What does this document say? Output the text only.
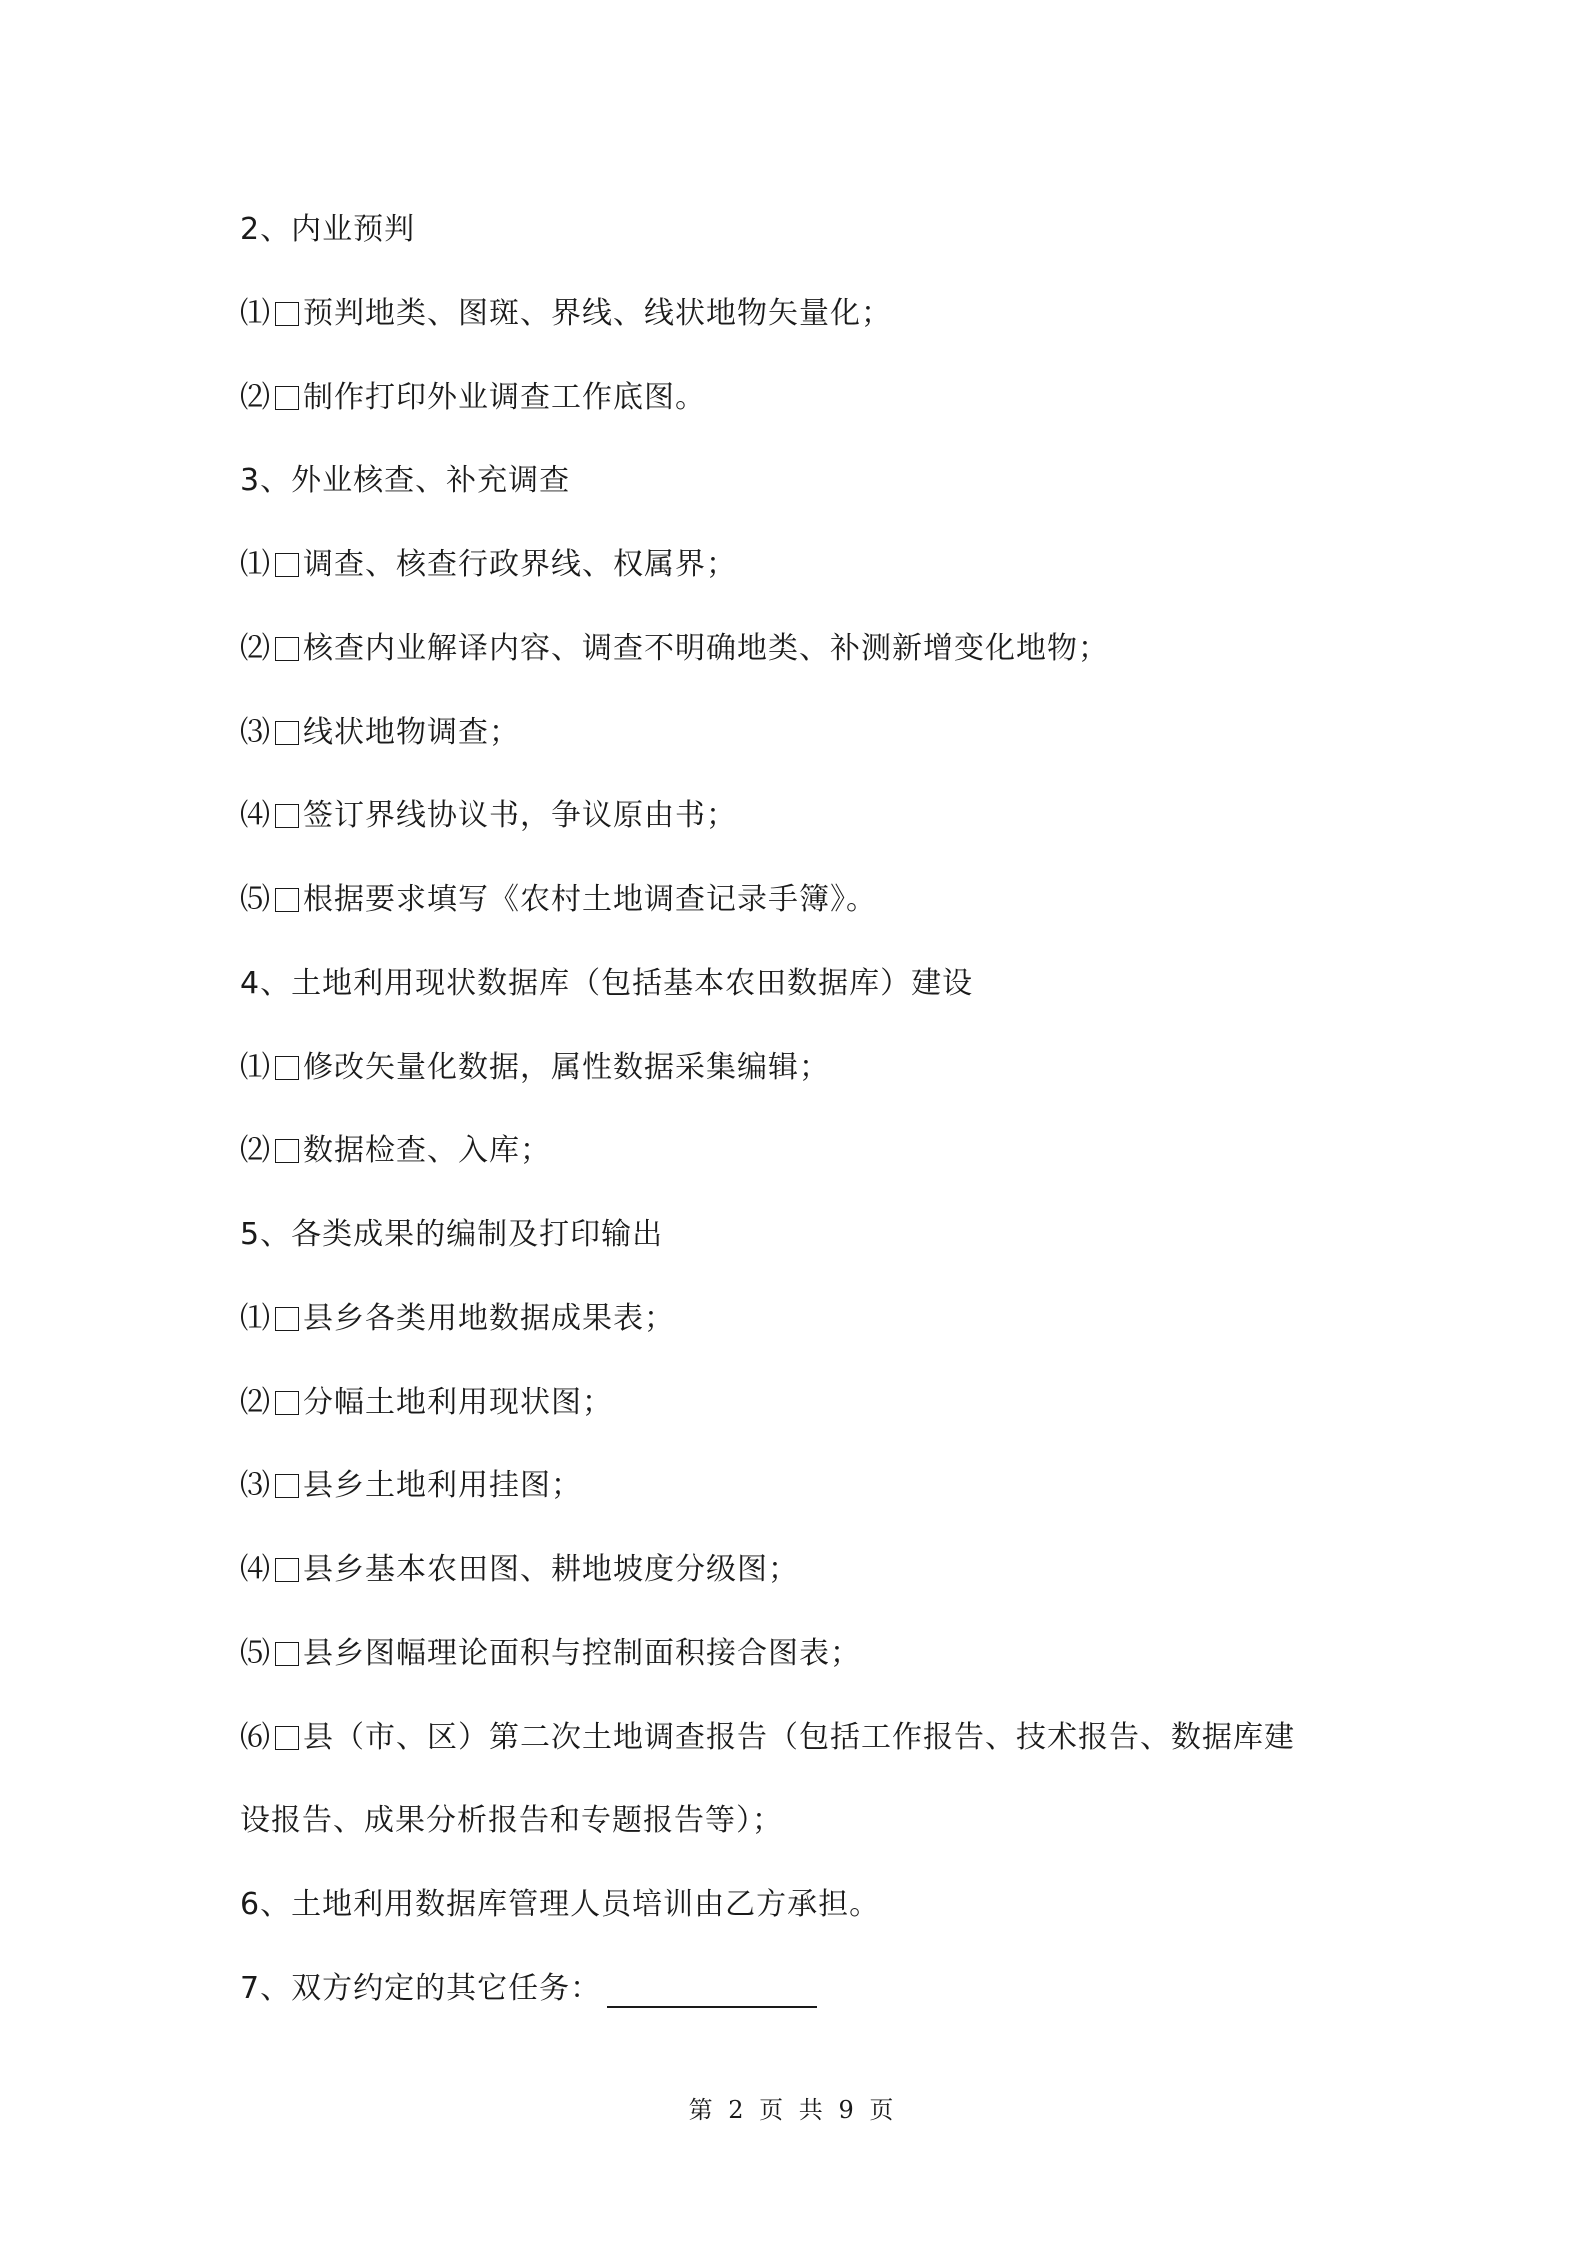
2、内业预判
⑴ 预判地类、图斑、界线、线状地物矢量化；
⑵ 制作打印外业调查工作底图。
3、外业核查、补充调查
⑴ 调查、核查行政界线、权属界；
⑵ 核查内业解译内容、调查不明确地类、补测新增变化地物；
⑶ 线状地物调查；
⑷ 签订界线协议书，争议原由书；
⑸ 根据要求填写《农村土地调查记录手簿》。
4、土地利用现状数据库（包括基本农田数据库）建设
⑴ 修改矢量化数据，属性数据采集编辑；
⑵ 数据检查、入库；
5、各类成果的编制及打印输出
⑴ 县乡各类用地数据成果表；
⑵ 分幅土地利用现状图；
⑶ 县乡土地利用挂图；
⑷ 县乡基本农田图、耕地坡度分级图；
⑸ 县乡图幅理论面积与控制面积接合图表；
⑹ 县（市、区）第二次土地调查报告（包括工作报告、技术报告、数据库建
设报告、成果分析报告和专题报告等）；
6、土地利用数据库管理人员培训由乙方承担。
7、双方约定的其它任务：
第 2 页 共 9 页
